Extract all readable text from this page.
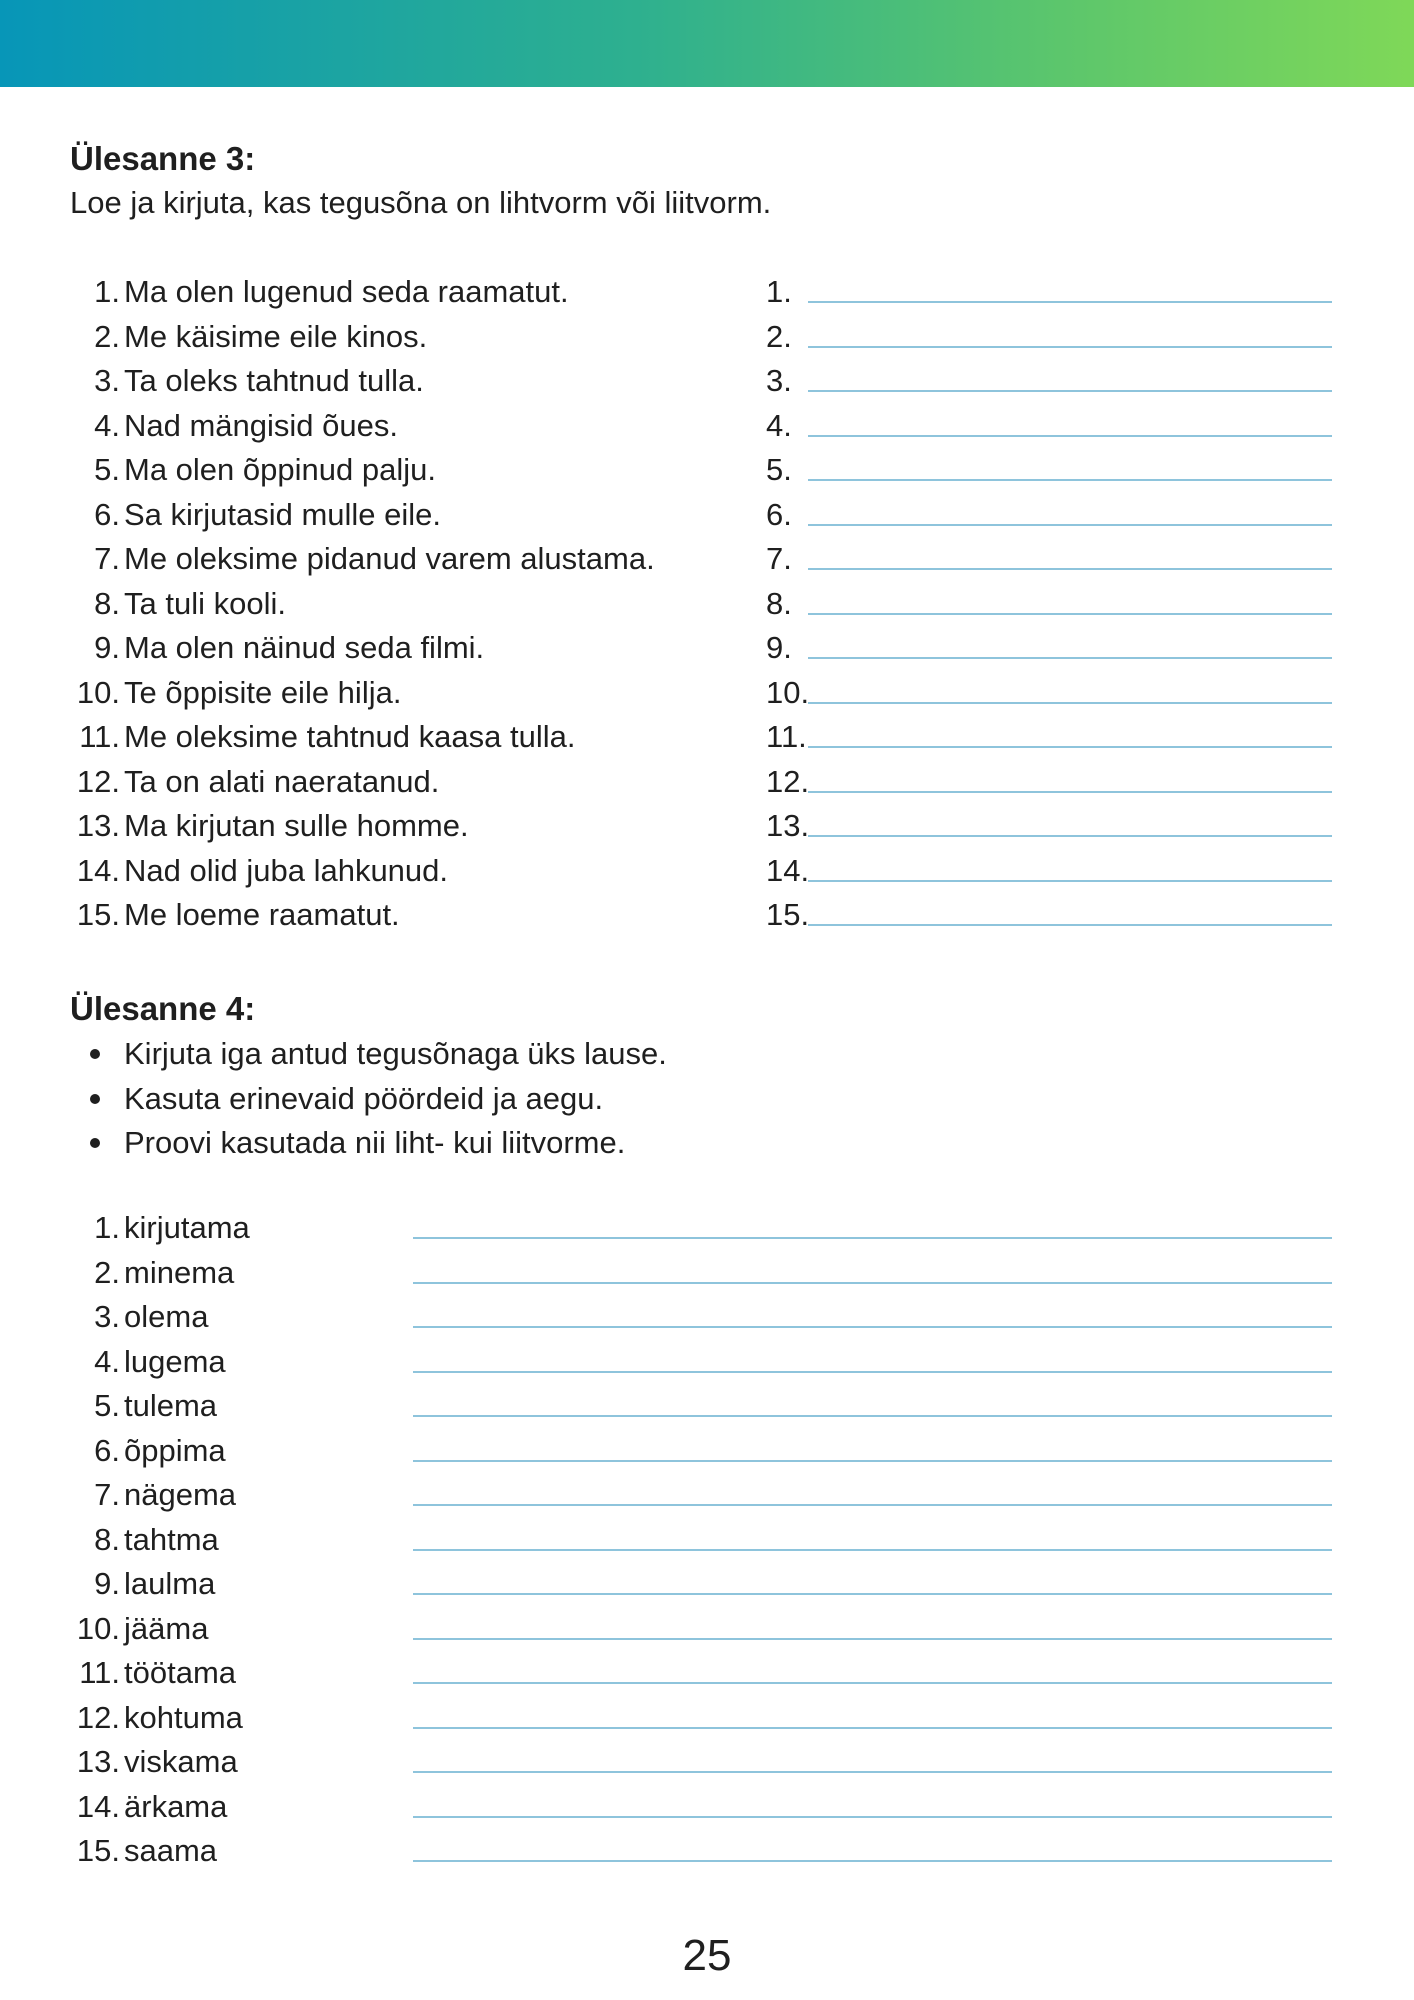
Ülesanne 3:

Loe ja kirjuta, kas tegusõna on lihtvorm või liitvorm.

1. Ma olen lugenud seda raamatut.
2. Me käisime eile kinos.
3. Ta oleks tahtnud tulla.
4. Nad mängisid õues.
5. Ma olen õppinud palju.
6. Sa kirjutasid mulle eile.
7. Me oleksime pidanud varem alustama.
8. Ta tuli kooli.
9. Ma olen näinud seda filmi.
10. Te õppisite eile hilja.
11. Me oleksime tahtnud kaasa tulla.
12. Ta on alati naeratanud.
13. Ma kirjutan sulle homme.
14. Nad olid juba lahkunud.
15. Me loeme raamatut.
1.
2.
3.
4.
5.
6.
7.
8.
9.
10.
11.
12.
13.
14.
15.
Ülesanne 4:
Kirjuta iga antud tegusõnaga üks lause.
Kasuta erinevaid pöördeid ja aegu.
Proovi kasutada nii liht- kui liitvorme.
1. kirjutama
2. minema
3. olema
4. lugema
5. tulema
6. õppima
7. nägema
8. tahtma
9. laulma
10. jääma
11. töötama
12. kohtuma
13. viskama
14. ärkama
15. saama

25
